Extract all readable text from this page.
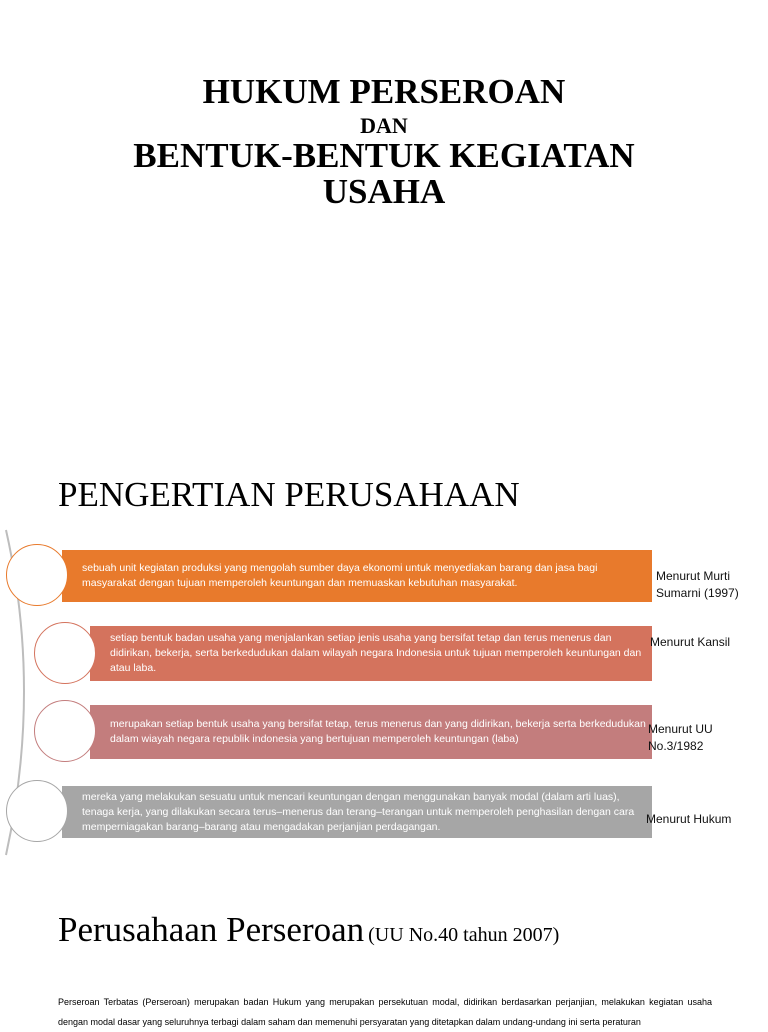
HUKUM PERSEROAN
DAN
BENTUK-BENTUK KEGIATAN
USAHA
PENGERTIAN PERUSAHAAN
sebuah unit kegiatan produksi yang mengolah sumber daya ekonomi untuk menyediakan barang dan jasa bagi masyarakat dengan tujuan memperoleh keuntungan dan memuaskan kebutuhan masyarakat.	Menurut Murti Sumarni (1997)
setiap bentuk badan usaha yang menjalankan setiap jenis usaha yang bersifat tetap dan terus menerus dan didirikan, bekerja, serta berkedudukan dalam wilayah negara Indonesia untuk tujuan memperoleh keuntungan dan atau laba.
Menurut Kansil
merupakan setiap bentuk usaha yang bersifat tetap, terus menerus dan yang didirikan, bekerja serta berkedudukan dalam wiayah negara republik indonesia yang bertujuan memperoleh keuntungan (laba)
Menurut UU No.3/1982
mereka yang melakukan sesuatu untuk mencari keuntungan dengan menggunakan banyak modal (dalam arti luas), tenaga kerja, yang dilakukan secara terus–menerus dan terang–terangan untuk memperoleh penghasilan dengan cara memperniagakan barang–barang atau mengadakan perjanjian perdagangan.
Menurut Hukum
Perusahaan Perseroan (UU No.40 tahun 2007)
Perseroan Terbatas (Perseroan) merupakan badan Hukum yang merupakan persekutuan modal, didirikan berdasarkan perjanjian, melakukan kegiatan usaha dengan modal dasar yang seluruhnya terbagi dalam saham dan memenuhi persyaratan yang ditetapkan dalam undang-undang ini serta peraturan
